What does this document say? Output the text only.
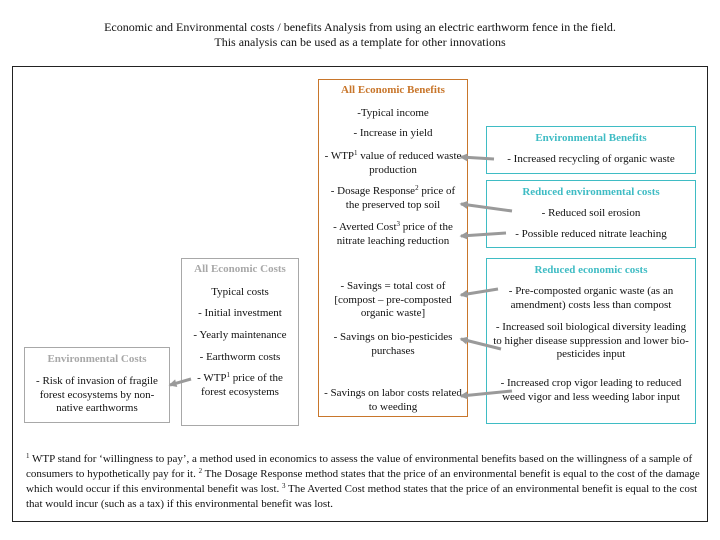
Economic and Environmental costs / benefits Analysis from using an electric earthworm fence in the field.
This analysis can be used as a template for other innovations
All Economic Benefits
-Typical income
- Increase in yield
- WTP$^1$ value of reduced waste production
- Dosage Response$^2$ price of the preserved top soil
- Averted Cost$^3$ price of the nitrate leaching reduction
- Savings = total cost of [compost – pre-composted organic waste]
- Savings on bio-pesticides purchases
- Savings on labor costs related to weeding
Environmental Benefits
- Increased recycling of organic waste
Reduced environmental costs
- Reduced soil erosion
- Possible reduced nitrate leaching
Reduced economic costs
- Pre-composted organic waste (as an amendment) costs less than compost
- Increased soil biological diversity leading to higher disease suppression and lower bio-pesticides input
- Increased crop vigor leading to reduced weed vigor and less weeding labor input
All Economic Costs
Typical costs
- Initial investment
- Yearly maintenance
- Earthworm costs
- WTP$^1$ price of the forest ecosystems
Environmental Costs
- Risk of invasion of fragile forest ecosystems by non-native earthworms
$^1$ WTP stand for ‘willingness to pay’, a method used in economics to assess the value of environmental benefits based on the willingness of a sample of consumers to hypothetically pay for it. $^2$ The Dosage Response method states that the price of an environmental benefit is equal to the cost of the damage which would occur if this environmental benefit was lost. $^3$ The Averted Cost method states that the price of an environmental benefit is equal to the cost that would incur (such as a tax) if this environmental benefit was lost.
